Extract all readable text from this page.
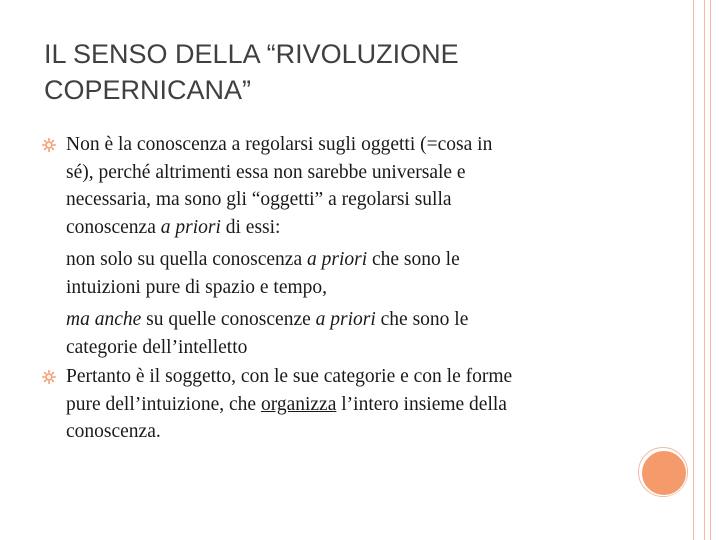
IL SENSO DELLA “RIVOLUZIONE
COPERNICANA”
Non è la conoscenza a regolarsi sugli oggetti (=cosa in
sé), perché altrimenti essa non sarebbe universale e
necessaria, ma sono gli “oggetti” a regolarsi sulla
conoscenza a priori di essi:
non solo su quella conoscenza a priori che sono le
intuizioni pure di spazio e tempo,
ma anche su quelle conoscenze a priori che sono le
categorie dell’intelletto
Pertanto è il soggetto, con le sue categorie e con le forme
pure dell’intuizione, che organizza l’intero insieme della
conoscenza.
